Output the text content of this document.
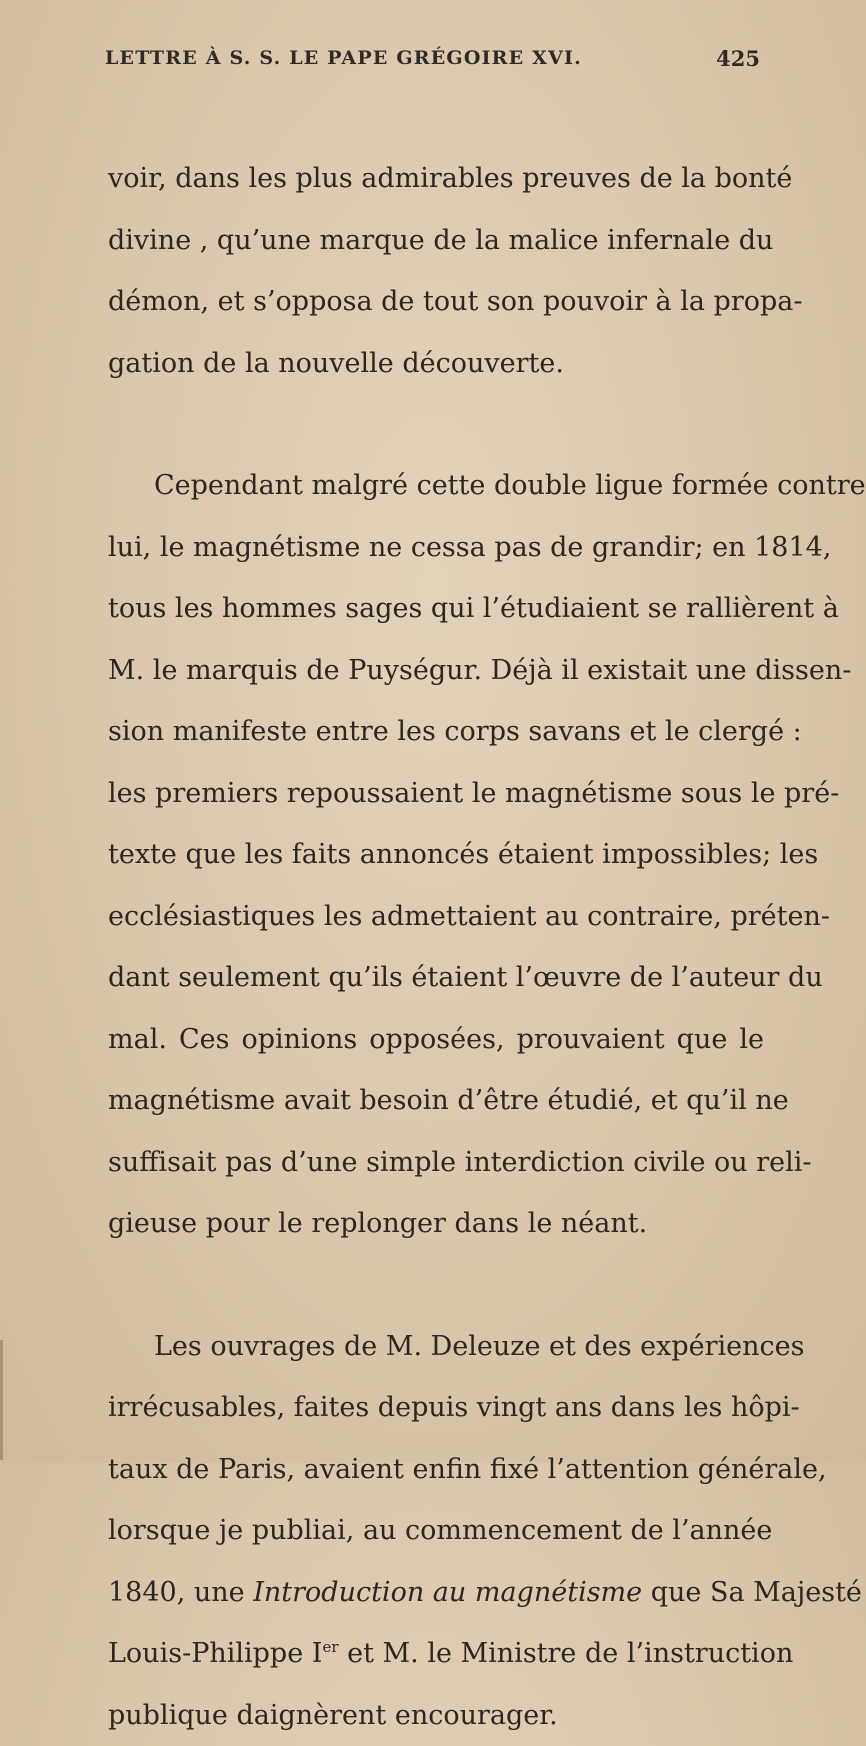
LETTRE À S. S. LE PAPE GRÉGOIRE XVI.	425
voir, dans les plus admirables preuves de la bonté
divine , qu’une marque de la malice infernale du
démon, et s’opposa de tout son pouvoir à la propa-
gation de la nouvelle découverte.
Cependant malgré cette double ligue formée contre
lui, le magnétisme ne cessa pas de grandir; en 1814,
tous les hommes sages qui l’étudiaient se rallièrent à
M. le marquis de Puységur. Déjà il existait une dissen-
sion manifeste entre les corps savans et le clergé :
les premiers repoussaient le magnétisme sous le pré-
texte que les faits annoncés étaient impossibles; les
ecclésiastiques les admettaient au contraire, préten-
dant seulement qu’ils étaient l’œuvre de l’auteur du
mal. Ces opinions opposées, prouvaient que le
magnétisme avait besoin d’être étudié, et qu’il ne
suffisait pas d’une simple interdiction civile ou reli-
gieuse pour le replonger dans le néant.
Les ouvrages de M. Deleuze et des expériences
irrécusables, faites depuis vingt ans dans les hôpi-
taux de Paris, avaient enfin fixé l’attention générale,
lorsque je publiai, au commencement de l’année
1840, une Introduction au magnétisme que Sa Majesté
Louis-Philippe Ier et M. le Ministre de l’instruction
publique daignèrent encourager.
